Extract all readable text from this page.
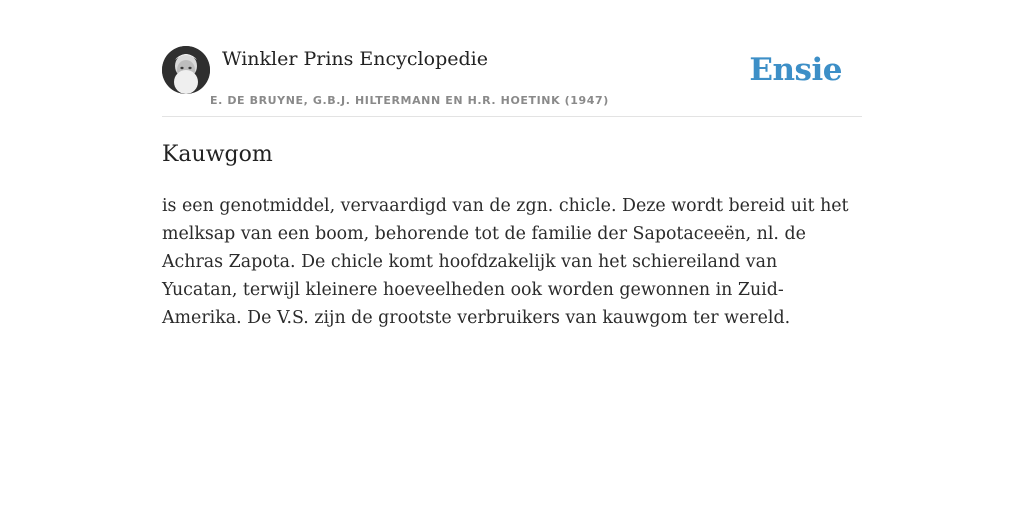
Winkler Prins Encyclopedie
E. DE BRUYNE, G.B.J. HILTERMANN EN H.R. HOETINK (1947)
Ensie
Kauwgom

is een genotmiddel, vervaardigd van de zgn. chicle. Deze wordt bereid uit het melksap van een boom, behorende tot de familie der Sapotaceeën, nl. de Achras Zapota. De chicle komt hoofdzakelijk van het schiereiland van Yucatan, terwijl kleinere hoeveelheden ook worden gewonnen in Zuid-Amerika. De V.S. zijn de grootste verbruikers van kauwgom ter wereld.
